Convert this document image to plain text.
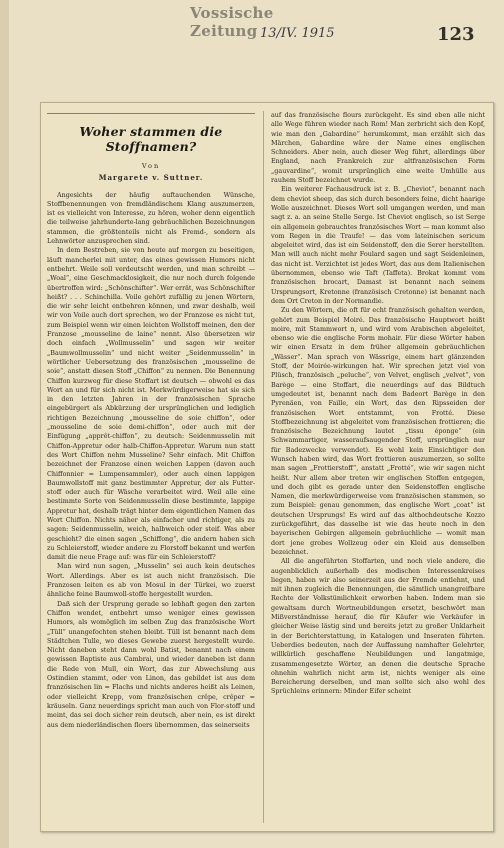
Vossische Zeitung 13/IV. 1915	123
Woher stammen die Stoffnamen?
Von
Margarete v. Suttner.

Angesichts der häufig auftauchenden Wünsche, Stoffbenennungen von fremdländischem Klang auszumerzen, ist es vielleicht von Interesse, zu hören, woher denn eigentlich die teilweise jahrhunderte-lang gebräuchlichen Bezeichnungen stammen, die größtenteils nicht als Fremd-, sondern als Lehnwörter anzusprechen sind.

In dem Bestreben, sie von heute auf morgen zu beseitigen, läuft mancherlei mit unter, das eines gewissen Humors nicht entbehrt. Weile soll verdeutscht werden, und man schreibt — „Woal“, eine Geschmacklosigkeit, die nur noch durch folgende übertroffen wird: „Schönschifter“. Wer errät, was Schönschifter heißt? . . . Schinchilla. Voile gehört zufällig zu jenen Wörtern, die wir sehr leicht entbehren können, und zwar deshalb, weil wir von Voile auch dort sprechen, wo der Franzose es nicht tut, zum Beispiel wenn wir einen leichten Wollstoff meinen, den der Franzose „mousseline de laine“ nennt. Also übersetzen wir doch einfach „Wollmusselin“ und sagen wir weiter „Baumwollmusselin“ und nicht weiter „Seidenmusselin“ in wörtlicher Uebersetzung des französischen „mousseline de soie“, anstatt diesen Stoff „Chiffon“ zu nennen. Die Benennung Chiffon kurzweg für diese Stoffart ist deutsch — obwohl es das Wort an und für sich nicht ist. Merkwürdigerweise hat sie sich in den letzten Jahren in der französischen Sprache eingebürgert als Abkürzung der ursprünglichen und lediglich richtigen Bezeichnung „mousseline de soie chiffon“, oder „mousseline de soie demi-chiffon“, oder auch mit der Einfügung „apprêt-chiffon“, zu deutsch: Seidenmusselin mit Chiffon-Appretur oder halb-Chiffon-Appretur. Warum nun statt des Wort Chiffon nehm Musseline? Sehr einfach. Mit Chiffon bezeichnet der Franzose einen weichen Lappen (davon auch Chiffonnier = Lumpensammler), oder auch einen lappigen Baumwollstoff mit ganz bestimmter Appretur, der als Futter-stoff oder auch für Wäsche verarbeitet wird. Weil alle eine bestimmte Sorte von Seidenmusselin diese bestimmte, lappige Appretur hat, deshalb trägt hinter dem eigentlichen Namen das Wort Chiffon. Nichts näher als einfacher und richtiger, als zu sagen: Seidenmusselin, weich, halbweich oder steif. Was aber geschieht? die einen sagen „Schiffong“, die andern haben sich zu Schleierstoff, wieder andere zu Florstoff bekannt und werfen damit die neue Frage auf: was für ein Schleierstoff?

Man wird nun sagen, „Musselin“ sei auch kein deutsches Wort. Allerdings. Aber es ist auch nicht französisch. Die Franzosen leiten es ab von Mosul in der Türkei, wo zuerst ähnliche feine Baumwoll-stoffe hergestellt wurden.

Daß sich der Ursprung gerade so lebhaft gegen den zarten Chiffon wendet, entbehrt umso weniger eines gewissen Humors, als womöglich im selben Zug das französische Wort „Tüll“ unangefochten stehen bleibt. Tüll ist benannt nach dem Städtchen Tulle, wo dieses Gewebe zuerst hergestellt wurde. Nicht daneben steht dann wohl Batist, benannt nach einem gewissen Baptiste aus Cambrai, und wieder daneben ist dann die Rede von Mull, ein Wort, das zur Abwechslung aus Ostindien stammt, oder von Linon, das gebildet ist aus dem französischen lin = Flachs und nichts anderes heißt als Leinen, oder vielleicht Krepp, vom französischen crêpe, crêper = kräuseln. Ganz neuerdings spricht man auch von Flor-stoff und meint, das sei doch sicher rein deutsch, aber nein, es ist direkt aus dem niederländischen floers übernommen, das seinerseits

auf das französische flours zurückgeht. Es sind eben alle nicht alle Wege führen wieder nach Rom! Man zerbricht sich den Kopf, wie man den „Gabardine“ herumkommt, man erzählt sich das Märchen, Gabardine wäre der Name eines englischen Schneiders. Aber nein, auch dieser Weg führt, allerdings über England, nach Frankreich zur altfranzösischen Form „gauvardine“, womit ursprünglich eine weite Umhülle aus rauhem Stoff bezeichnet wurde.

Ein weiterer Fachausdruck ist z. B. „Cheviot“, benannt nach dem cheviot sheep, das sich durch besonders feine, dicht haarige Wolle auszeichnet. Dieses Wort soll umgangen werden, und man sagt z. a. an seine Stelle Serge. Ist Cheviot englisch, so ist Serge ein allgemein gebrauchtes französisches Wort — man kommt also vom Regen in die Traufe! — das vom lateinischen sericum abgeleitet wird, das ist ein Seidenstoff, den die Serer herstellten. Man will auch nicht mehr Foulard sagen und sagt Seidenleinen, das nicht ist. Verzichtet ist jedes Wort, das aus dem Italienischen übernommen, ebenso wie Taft (Taffeta). Brokat kommt vom französischen brocart, Damast ist benannt nach seinem Ursprungsort, Kretonne (französisch Cretonne) ist benannt nach dem Ort Creton in der Normandie.

Zu den Wörtern, die oft für echt französisch gehalten werden, gehört zum Beispiel Moiré. Das französische Hauptwort heißt moire, mit Stammwort n, und wird vom Arabischen abgeleitet, ebenso wie die englische Form mohair. Für diese Wörter haben wir einen Ersatz in dem früher allgemein gebräuchlichen „Wässer“. Man sprach von Wässrige, einem hart glänzenden Stoff, der Moirée-wirkungen hat. Wir sprechen jetzt viel von Plüsch, französisch „peluche“, von Velvet, englisch „velvet“, von Barège — eine Stoffart, die neuerdings auf das Bildtuch umgedeutet ist, benannt nach dem Badeort Barège in den Pyrenäen, von Faille, ein Wort, das den Ripsseiden der französischen Wort entstammt, von Frotté. Diese Stoffbezeichnung ist abgeleitet vom französischen frottieren; die französische Bezeichnung lautet „tissu éponge“ (ein Schwammartiger, wasseraufsaugender Stoff, ursprünglich nur für Badezwecke verwendet). Es wohl kein Einsichtiger den Wunsch haben wird, das Wort frottieren auszumerzen, so sollte man sagen „Frottierstoff“, anstatt „Frotté“, wie wir sagen nicht heißt. Nur allem aber treten wir englischen Stoffen entgegen, und doch gibt es gerade unter den Seidenstoffen englische Namen, die merkwürdigerweise vom französischen stammen, so zum Beispiel: genau genommen, das englische Wort „coat“ ist deutschen Ursprungs! Es wird auf das althochdeutsche Kozzo zurückgeführt, das dasselbe ist wie das heute noch in den bayerischen Gebirgen allgemein gebräuchliche — womit man dort jene grobes Wollzeug oder ein Kleid aus demselben bezeichnet.

All die angeführten Stoffarten, und noch viele andere, die augenblicklich außerhalb des modischen Interessenkreises liegen, haben wir also seinerzeit aus der Fremde entlehnt, und mit ihnen zugleich die Benennungen, die sämtlich unangreifbare Rechte der Volkstümlichkeit erworben haben. Indem man sie gewaltsam durch Wortneubildungen ersetzt, beschwört man Mißverständnisse herauf, die für Käufer wie Verkäufer in gleicher Weise lästig sind und bereits jetzt zu großer Unklarheit in der Berichterstattung, in Katalogen und Inseraten führten. Ueberdies bedeuten, nach der Auffassung namhafter Gelehrter, willkürlich geschaffene Neubildungen und langatmige, zusammengesetzte Wörter, an denen die deutsche Sprache ohnehin wahrlich nicht arm ist, nichts weniger als eine Bereicherung derselben, und man sollte sich also wohl des Sprüchleins erinnern: Minder Eifer scheint
